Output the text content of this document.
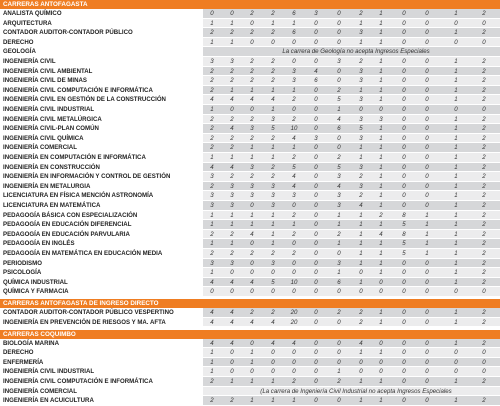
CARRERAS ANTOFAGASTA
ANALISTA QUÍMICO	0	0	2	2	6	3	0	2	1	0	0	1	2
ARQUITECTURA	1	1	0	1	1	0	0	1	1	0	0	0	0
CONTADOR AUDITOR-CONTADOR PÚBLICO	2	2	2	2	6	0	0	3	1	0	0	1	2
DERECHO	1	1	0	0	0	0	0	1	1	0	0	0	0
GEOLOGÍA	La carrera de Geología no acepta Ingresos Especiales
INGENIERÍA CIVIL	3	3	2	2	0	0	3	2	1	0	0	1	2
INGENIERÍA CIVIL AMBIENTAL	2	2	2	2	3	4	0	3	1	0	0	1	2
INGENIERÍA CIVIL DE MINAS	2	2	2	2	3	6	0	3	1	0	0	1	2
INGENIERÍA CIVIL COMPUTACIÓN E INFORMÁTICA	2	1	1	1	1	0	2	1	1	0	0	1	2
INGENIERÍA CIVIL EN GESTIÓN DE LA CONSTRUCCIÓN	4	4	4	4	2	0	5	3	1	0	0	1	2
INGENIERÍA CIVIL INDUSTRIAL	1	0	0	1	0	0	1	0	0	0	0	0	0
INGENIERÍA CIVIL METALÚRGICA	2	2	2	3	2	0	4	3	3	0	0	1	2
INGENIERÍA CIVIL-PLAN COMÚN	2	4	3	5	10	0	6	5	1	0	0	1	2
INGENIERÍA CIVIL QUÍMICA	2	2	2	2	4	3	0	3	1	0	0	1	2
INGENIERÍA COMERCIAL	2	2	1	1	1	0	0	1	1	0	0	1	2
INGENIERÍA EN COMPUTACIÓN E INFORMÁTICA	1	1	1	1	2	0	2	1	1	0	0	1	2
INGENIERÍA EN CONSTRUCCIÓN	4	4	3	2	5	0	5	3	1	0	0	1	2
INGENIERÍA EN INFORMACIÓN Y CONTROL DE GESTIÓN	3	2	2	2	4	0	3	2	1	0	0	1	2
INGENIERÍA EN METALURGIA	2	3	3	3	4	0	4	3	1	0	0	1	2
LICENCIATURA EN FÍSICA MENCIÓN ASTRONOMÍA	3	3	3	3	3	0	3	2	1	0	0	1	2
LICENCIATURA EN MATEMÁTICA	3	3	0	3	0	0	3	4	1	0	0	1	2
PEDAGOGÍA BÁSICA CON ESPECIALIZACIÓN	1	1	1	1	2	0	1	1	2	8	1	1	2
PEDAGOGÍA EN EDUCACIÓN DIFERENCIAL	1	1	1	1	1	0	1	1	1	5	1	1	2
PEDAGOGÍA EN EDUCACIÓN PARVULARIA	2	2	4	1	2	0	2	1	4	8	1	1	2
PEDAGOGÍA EN INGLÉS	1	1	0	1	0	0	1	1	1	5	1	1	2
PEDAGOGÍA EN MATEMÁTICA EN EDUCACIÓN MEDIA	2	2	2	2	2	0	0	1	1	5	1	1	2
PERIODISMO	3	3	0	3	0	0	3	1	1	0	0	1	2
PSICOLOGÍA	1	0	0	0	0	0	1	0	1	0	0	1	2
QUÍMICA INDUSTRIAL	4	4	4	5	10	0	6	1	0	0	0	1	2
QUÍMICA Y FARMACIA	0	0	0	0	0	0	0	0	0	0	0	0	0
CARRERAS ANTOFAGASTA DE INGRESO DIRECTO
CONTADOR AUDITOR-CONTADOR PÚBLICO VESPERTINO	4	4	2	2	20	0	2	2	1	0	0	1	2
INGENIERÍA EN PREVENCIÓN DE RIESGOS Y MA. AFTA	4	4	4	4	20	0	0	2	1	0	0	1	2
CARRERAS COQUIMBO
BIOLOGÍA MARINA	4	4	0	4	4	0	0	4	0	0	0	1	2
DERECHO	1	0	1	0	0	0	0	1	1	0	0	0	0
ENFERMERÍA	1	0	1	0	0	0	0	0	0	0	0	0	0
INGENIERÍA CIVIL INDUSTRIAL	1	0	0	0	0	0	1	0	0	0	0	0	0
INGENIERÍA CIVIL COMPUTACIÓN E INFORMÁTICA	2	1	1	1	2	0	2	1	1	0	0	1	2
INGENIERÍA COMERCIAL	(La carrera de Ingeniería Civil Industrial no acepta Ingresos Especiales
INGENIERÍA EN ACUICULTURA	2	2	1	1	1	0	0	1	1	0	0	1	2
